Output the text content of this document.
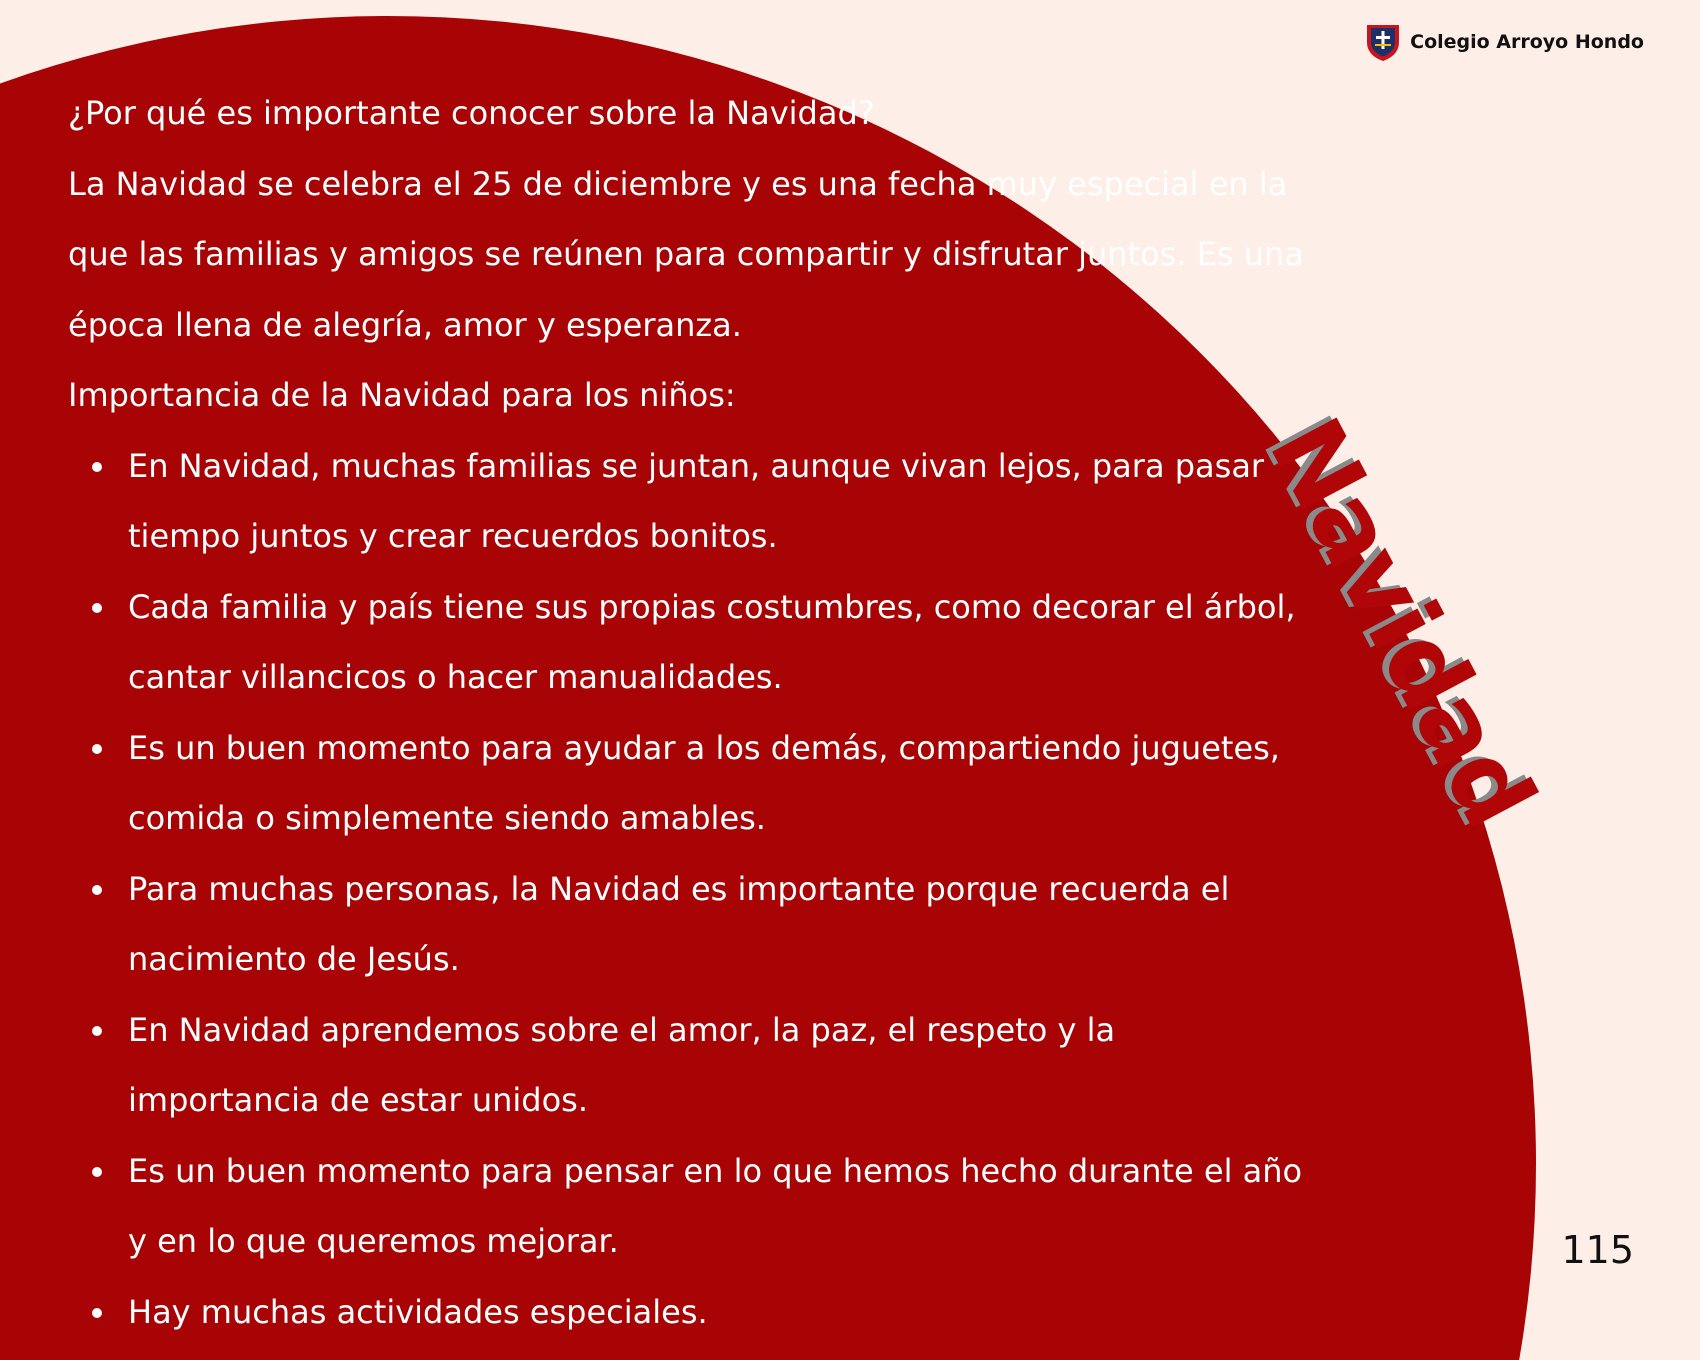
Colegio Arroyo Hondo

¿Por qué es importante conocer sobre la Navidad?

La Navidad se celebra el 25 de diciembre y es una fecha muy especial en la que las familias y amigos se reúnen para compartir y disfrutar juntos. Es una época llena de alegría, amor y esperanza.

Importancia de la Navidad para los niños:

En Navidad, muchas familias se juntan, aunque vivan lejos, para pasar tiempo juntos y crear recuerdos bonitos.
Cada familia y país tiene sus propias costumbres, como decorar el árbol, cantar villancicos o hacer manualidades.
Es un buen momento para ayudar a los demás, compartiendo juguetes, comida o simplemente siendo amables.
Para muchas personas, la Navidad es importante porque recuerda el nacimiento de Jesús.
En Navidad aprendemos sobre el amor, la paz, el respeto y la importancia de estar unidos.
Es un buen momento para pensar en lo que hemos hecho durante el año y en lo que queremos mejorar.
Hay muchas actividades especiales.
Navidad
115
